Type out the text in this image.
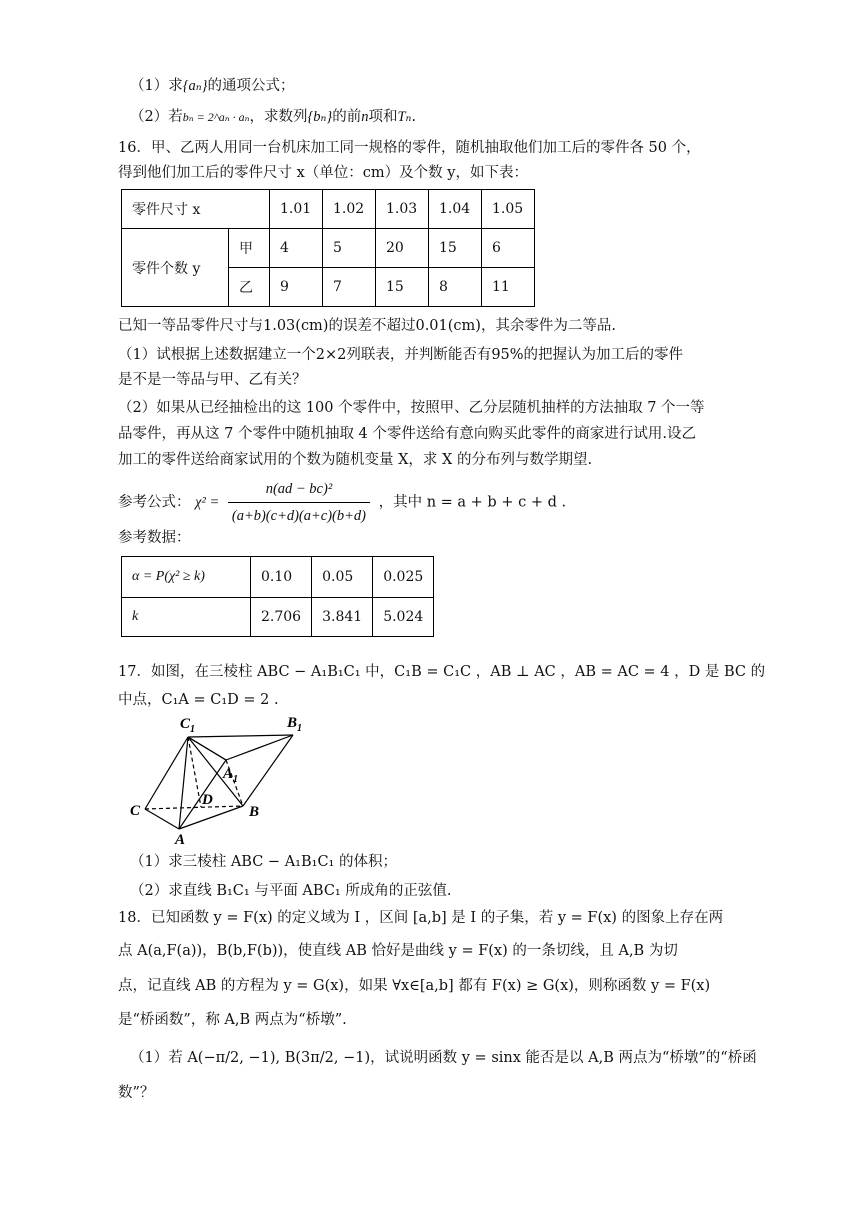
（1）求{aₙ}的通项公式；
（2）若bₙ = 2^aₙ · aₙ，求数列{bₙ}的前n项和Tₙ.
16．甲、乙两人用同一台机床加工同一规格的零件，随机抽取他们加工后的零件各 50 个，
得到他们加工后的零件尺寸 x（单位：cm）及个数 y，如下表：
零件尺寸 x		1.01	1.02	1.03	1.04	1.05
零件个数 y	甲	4	5	20	15	6
	乙	9	7	15	8	11
已知一等品零件尺寸与1.03(cm)的误差不超过0.01(cm)，其余零件为二等品.
（1）试根据上述数据建立一个2×2列联表，并判断能否有95%的把握认为加工后的零件
是不是一等品与甲、乙有关？
（2）如果从已经抽检出的这 100 个零件中，按照甲、乙分层随机抽样的方法抽取 7 个一等
品零件，再从这 7 个零件中随机抽取 4 个零件送给有意向购买此零件的商家进行试用.设乙
加工的零件送给商家试用的个数为随机变量 X，求 X 的分布列与数学期望.
参考公式： $\chi^2 = \frac{\text{n(ad − bc)²}}{(a+b)(c+d)(a+c)(b+d)}$ ，其中 n = a + b + c + d .
参考数据：
α = P(χ² ≥ k)	0.10	0.05	0.025
k	2.706	3.841	5.024
17．如图，在三棱柱 ABC − A₁B₁C₁ 中，C₁B = C₁C ，AB ⊥ AC ，AB = AC = 4 ，D 是 BC 的
中点，C₁A = C₁D = 2 .
$C_1$	$B_1$
$A_1$
D
C	B
A
（1）求三棱柱 ABC − A₁B₁C₁ 的体积；
（2）求直线 B₁C₁ 与平面 ABC₁ 所成角的正弦值.
18．已知函数 y = F(x) 的定义域为 I ，区间 [a,b] 是 I 的子集，若 y = F(x) 的图象上存在两
点 A(a,F(a))，B(b,F(b))，使直线 AB 恰好是曲线 y = F(x) 的一条切线，且 A,B 为切
点，记直线 AB 的方程为 y = G(x)，如果 ∀x∈[a,b] 都有 F(x) ≥ G(x)，则称函数 y = F(x)
是“桥函数”，称 A,B 两点为“桥墩”.
（1）若 A(−π/2, −1), B(3π/2, −1)，试说明函数 y = sinx 能否是以 A,B 两点为“桥墩”的“桥函
数”？
